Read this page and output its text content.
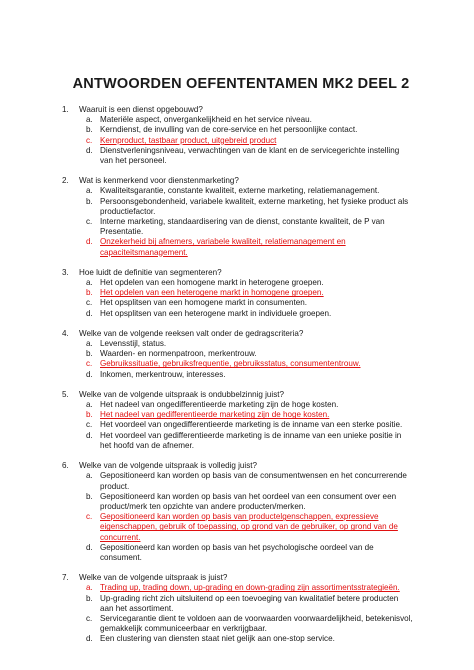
ANTWOORDEN OEFENTENTAMEN MK2 DEEL 2
1.	Waaruit is een dienst opgebouwd?
a. Materiële aspect, onvergankelijkheid en het service niveau.
b. Kerndienst, de invulling van de core-service en het persoonlijke contact.
c. Kernproduct, tastbaar product, uitgebreid product
d. Dienstverleningsniveau, verwachtingen van de klant en de servicegerichte instelling van het personeel.
2.	Wat is kenmerkend voor dienstenmarketing?
a. Kwaliteitsgarantie, constante kwaliteit, externe marketing, relatiemanagement.
b. Persoonsgebondenheid, variabele kwaliteit, externe marketing, het fysieke product als productiefactor.
c. Interne marketing, standaardisering van de dienst, constante kwaliteit, de P van Presentatie.
d. Onzekerheid bij afnemers, variabele kwaliteit, relatiemanagement en capaciteitsmanagement.
3.	Hoe luidt de definitie van segmenteren?
a. Het opdelen van een homogene markt in heterogene groepen.
b. Het opdelen van een heterogene markt in homogene groepen.
c. Het opsplitsen van een homogene markt in consumenten.
d. Het opsplitsen van een heterogene markt in individuele groepen.
4.	Welke van de volgende reeksen valt onder de gedragscriteria?
a. Levensstijl, status.
b. Waarden- en normenpatroon, merkentrouw.
c. Gebruikssituatie, gebruiksfrequentie, gebruiksstatus, consumententrouw.
d. Inkomen, merkentrouw, interesses.
5.	Welke van de volgende uitspraak is ondubbelzinnig juist?
a. Het nadeel van ongedifferentieerde marketing zijn de hoge kosten.
b. Het nadeel van gedifferentieerde marketing zijn de hoge kosten.
c. Het voordeel van ongedifferentieerde marketing is de inname van een sterke positie.
d. Het voordeel van gedifferentieerde marketing is de inname van een unieke positie in het hoofd van de afnemer.
6.	Welke van de volgende uitspraak is volledig juist?
a. Gepositioneerd kan worden op basis van de consumentwensen en het concurrerende product.
b. Gepositioneerd kan worden op basis van het oordeel van een consument over een product/merk ten opzichte van andere producten/merken.
c. Gepositioneerd kan worden op basis van productelgenschappen, expressieve eigenschappen, gebruik of toepassing, op grond van de gebruiker, op grond van de concurrent.
d. Gepositioneerd kan worden op basis van het psychologische oordeel van de consument.
7.	Welke van de volgende uitspraak is juist?
a. Trading up, trading down, up-grading en down-grading zijn assortimentsstrategieën.
b. Up-grading richt zich uitsluitend op een toevoeging van kwalitatief betere producten aan het assortiment.
c. Servicegarantie dient te voldoen aan de voorwaarden voorwaardelijkheid, betekenisvol, gemakkelijk communiceerbaar en verkrijgbaar.
d. Een clustering van diensten staat niet gelijk aan one-stop service.
